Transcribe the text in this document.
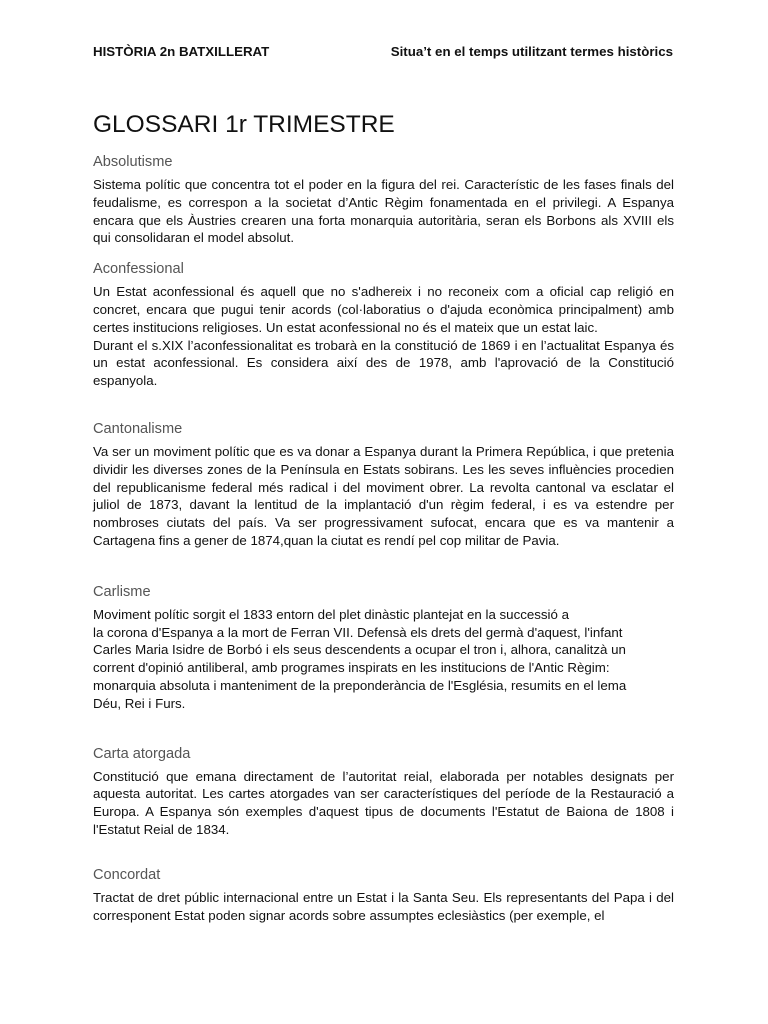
HISTÒRIA 2n BATXILLERAT	Situa’t en el temps utilitzant termes històrics
GLOSSARI 1r TRIMESTRE
Absolutisme

Sistema polític que concentra tot el poder en la figura del rei. Característic de les fases finals del feudalisme, es correspon a la societat d’Antic Règim fonamentada en el privilegi. A Espanya encara que els Àustries crearen una forta monarquia autoritària, seran els Borbons als XVIII els qui consolidaran el model absolut.

Aconfessional

Un Estat aconfessional és aquell que no s'adhereix i no reconeix com a oficial cap religió en concret, encara que pugui tenir acords (col·laboratius o d'ajuda econòmica principalment) amb certes institucions religioses. Un estat aconfessional no és el mateix que un estat laic.
Durant el s.XIX l’aconfessionalitat es trobarà en la constitució de 1869 i en l’actualitat Espanya és un estat aconfessional. Es considera així des de 1978, amb l'aprovació de la Constitució espanyola.

Cantonalisme

Va ser un moviment polític que es va donar a Espanya durant la Primera República, i que pretenia dividir les diverses zones de la Península en Estats sobirans. Les les seves influències procedien del republicanisme federal més radical i del moviment obrer. La revolta cantonal va esclatar el juliol de 1873, davant la lentitud de la implantació d'un règim federal, i es va estendre per nombroses ciutats del país. Va ser progressivament sufocat, encara que es va mantenir a Cartagena fins a gener de 1874,quan la ciutat es rendí pel cop militar de Pavia.

Carlisme

Moviment polític sorgit el 1833 entorn del plet dinàstic plantejat en la successió a
la corona d'Espanya a la mort de Ferran VII. Defensà els drets del germà d'aquest, l'infant
Carles Maria Isidre de Borbó i els seus descendents a ocupar el tron i, alhora, canalitzà un
corrent d'opinió antiliberal, amb programes inspirats en les institucions de l'Antic Règim:
monarquia absoluta i manteniment de la preponderància de l'Església, resumits en el lema
Déu, Rei i Furs.

Carta atorgada

Constitució que emana directament de l’autoritat reial, elaborada per notables designats per aquesta autoritat. Les cartes atorgades van ser característiques del període de la Restauració a Europa. A Espanya són exemples d'aquest tipus de documents l'Estatut de Baiona de 1808 i l'Estatut Reial de 1834.

Concordat

Tractat de dret públic internacional entre un Estat i la Santa Seu. Els representants del Papa i del corresponent Estat poden signar acords sobre assumptes eclesiàstics (per exemple, el
